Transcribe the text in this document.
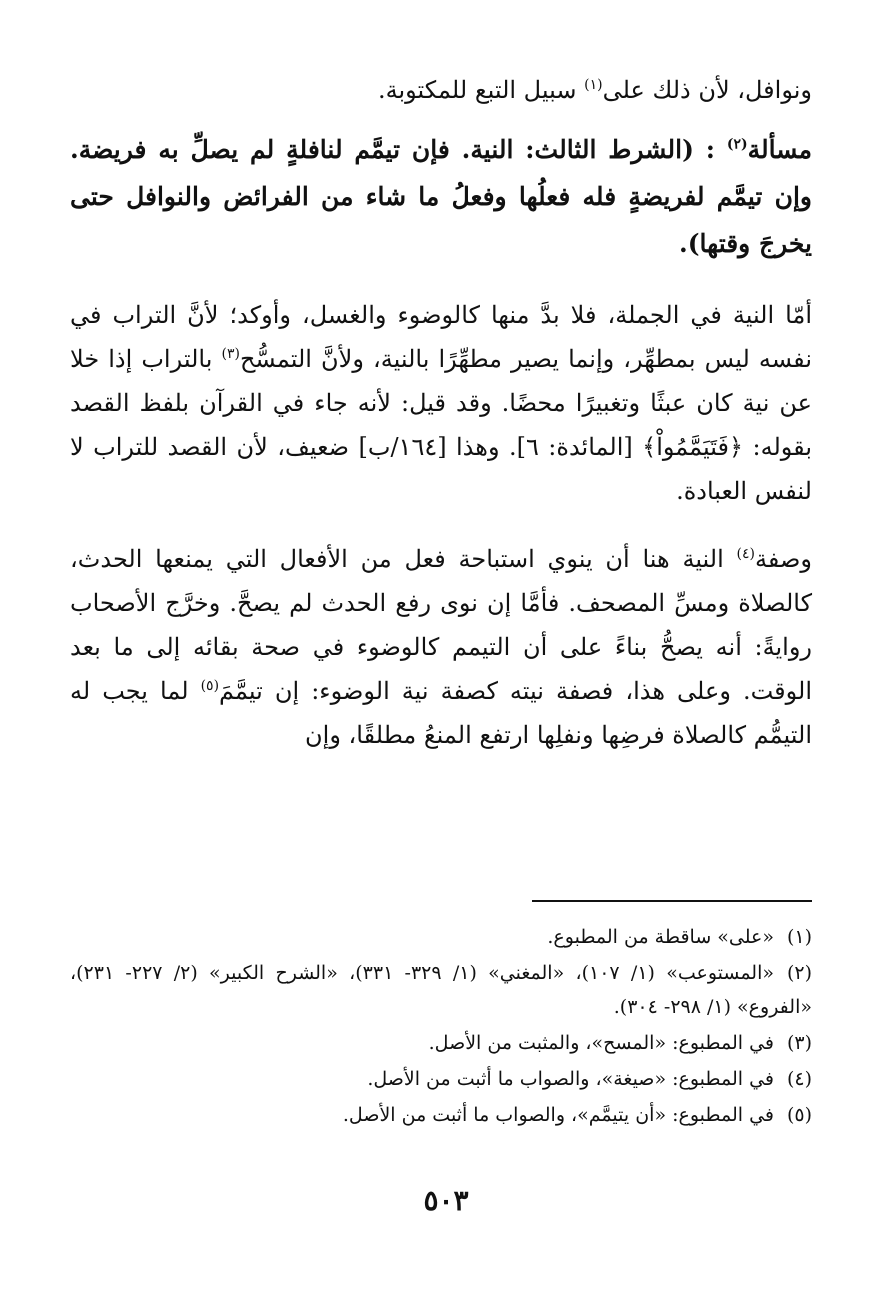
ونوافل، لأن ذلك على$^{(١)}$ سبيل التبع للمكتوبة.

مسألة$^{(٢)}$ : (الشرط الثالث: النية. فإن تيمَّم لنافلةٍ لم يصلِّ به فريضة. وإن تيمَّم لفريضةٍ فله فعلُها وفعلُ ما شاء من الفرائض والنوافل حتى يخرجَ وقتها).

أمّا النية في الجملة، فلا بدَّ منها كالوضوء والغسل، وأوكد؛ لأنَّ التراب في نفسه ليس بمطهِّر، وإنما يصير مطهِّرًا بالنية، ولأنَّ التمسُّح$^{(٣)}$ بالتراب إذا خلا عن نية كان عبثًا وتغبيرًا محضًا. وقد قيل: لأنه جاء في القرآن بلفظ القصد بقوله: ﴿فَتَيَمَّمُواْ﴾ [المائدة: ٦]. وهذا [١٦٤/ب] ضعيف، لأن القصد للتراب لا لنفس العبادة.

وصفة$^{(٤)}$ النية هنا أن ينوي استباحة فعل من الأفعال التي يمنعها الحدث، كالصلاة ومسِّ المصحف. فأمَّا إن نوى رفع الحدث لم يصحَّ. وخرَّج الأصحاب روايةً: أنه يصحُّ بناءً على أن التيمم كالوضوء في صحة بقائه إلى ما بعد الوقت. وعلى هذا، فصفة نيته كصفة نية الوضوء: إن تيمَّمَ$^{(٥)}$ لما يجب له التيمُّم كالصلاة فرضِها ونفلِها ارتفع المنعُ مطلقًا، وإن

(١)«على» ساقطة من المطبوع.

(٢)«المستوعب» (١/ ١٠٧)، «المغني» (١/ ٣٢٩- ٣٣١)، «الشرح الكبير» (٢/ ٢٢٧- ٢٣١)، «الفروع» (١/ ٢٩٨- ٣٠٤).

(٣)في المطبوع: «المسح»، والمثبت من الأصل.

(٤)في المطبوع: «صيغة»، والصواب ما أثبت من الأصل.

(٥)في المطبوع: «أن يتيمَّم»، والصواب ما أثبت من الأصل.

٥٠٣
